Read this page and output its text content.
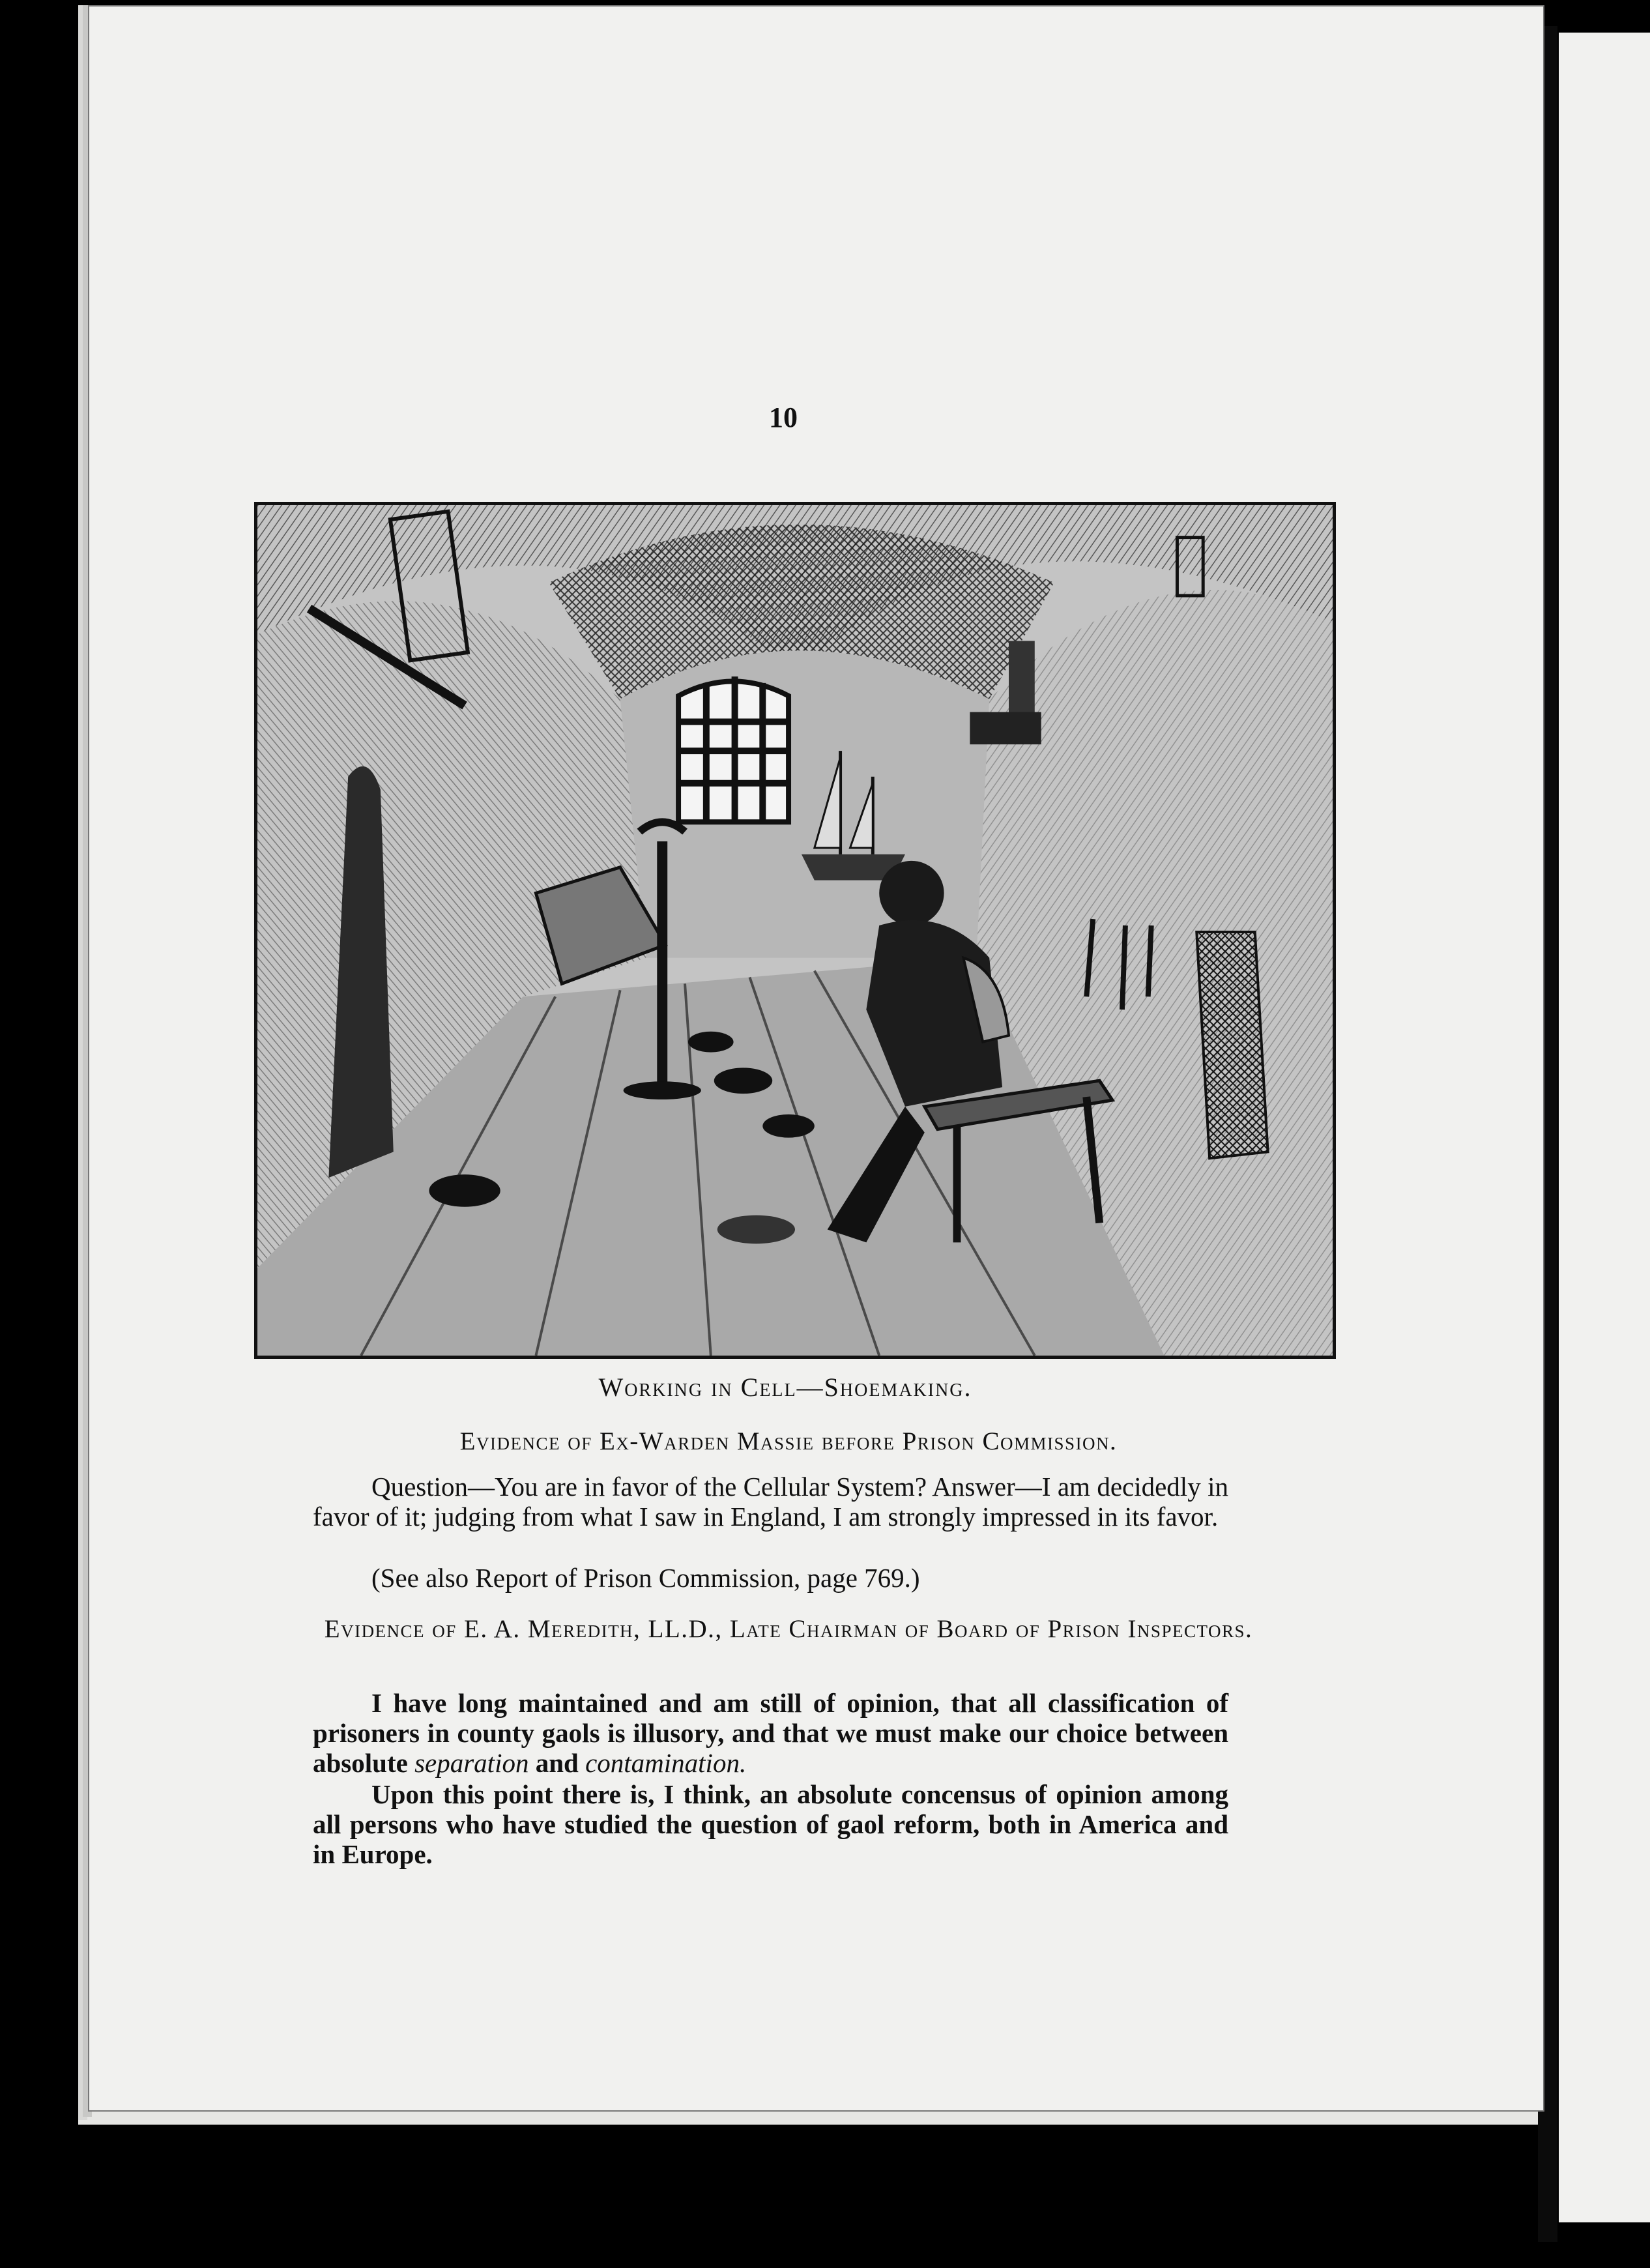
10
Working in Cell—Shoemaking.
Evidence of Ex-Warden Massie before Prison Commission.
Question—You are in favor of the Cellular System? Answer—I am decidedly in favor of it; judging from what I saw in England, I am strongly impressed in its favor.
(See also Report of Prison Commission, page 769.)
Evidence of E. A. Meredith, LL.D., Late Chairman of Board of Prison Inspectors.
I have long maintained and am still of opinion, that all classification of prisoners in county gaols is illusory, and that we must make our choice between absolute separation and contamination.
Upon this point there is, I think, an absolute concensus of opinion among all persons who have studied the question of gaol reform, both in America and in Europe.
